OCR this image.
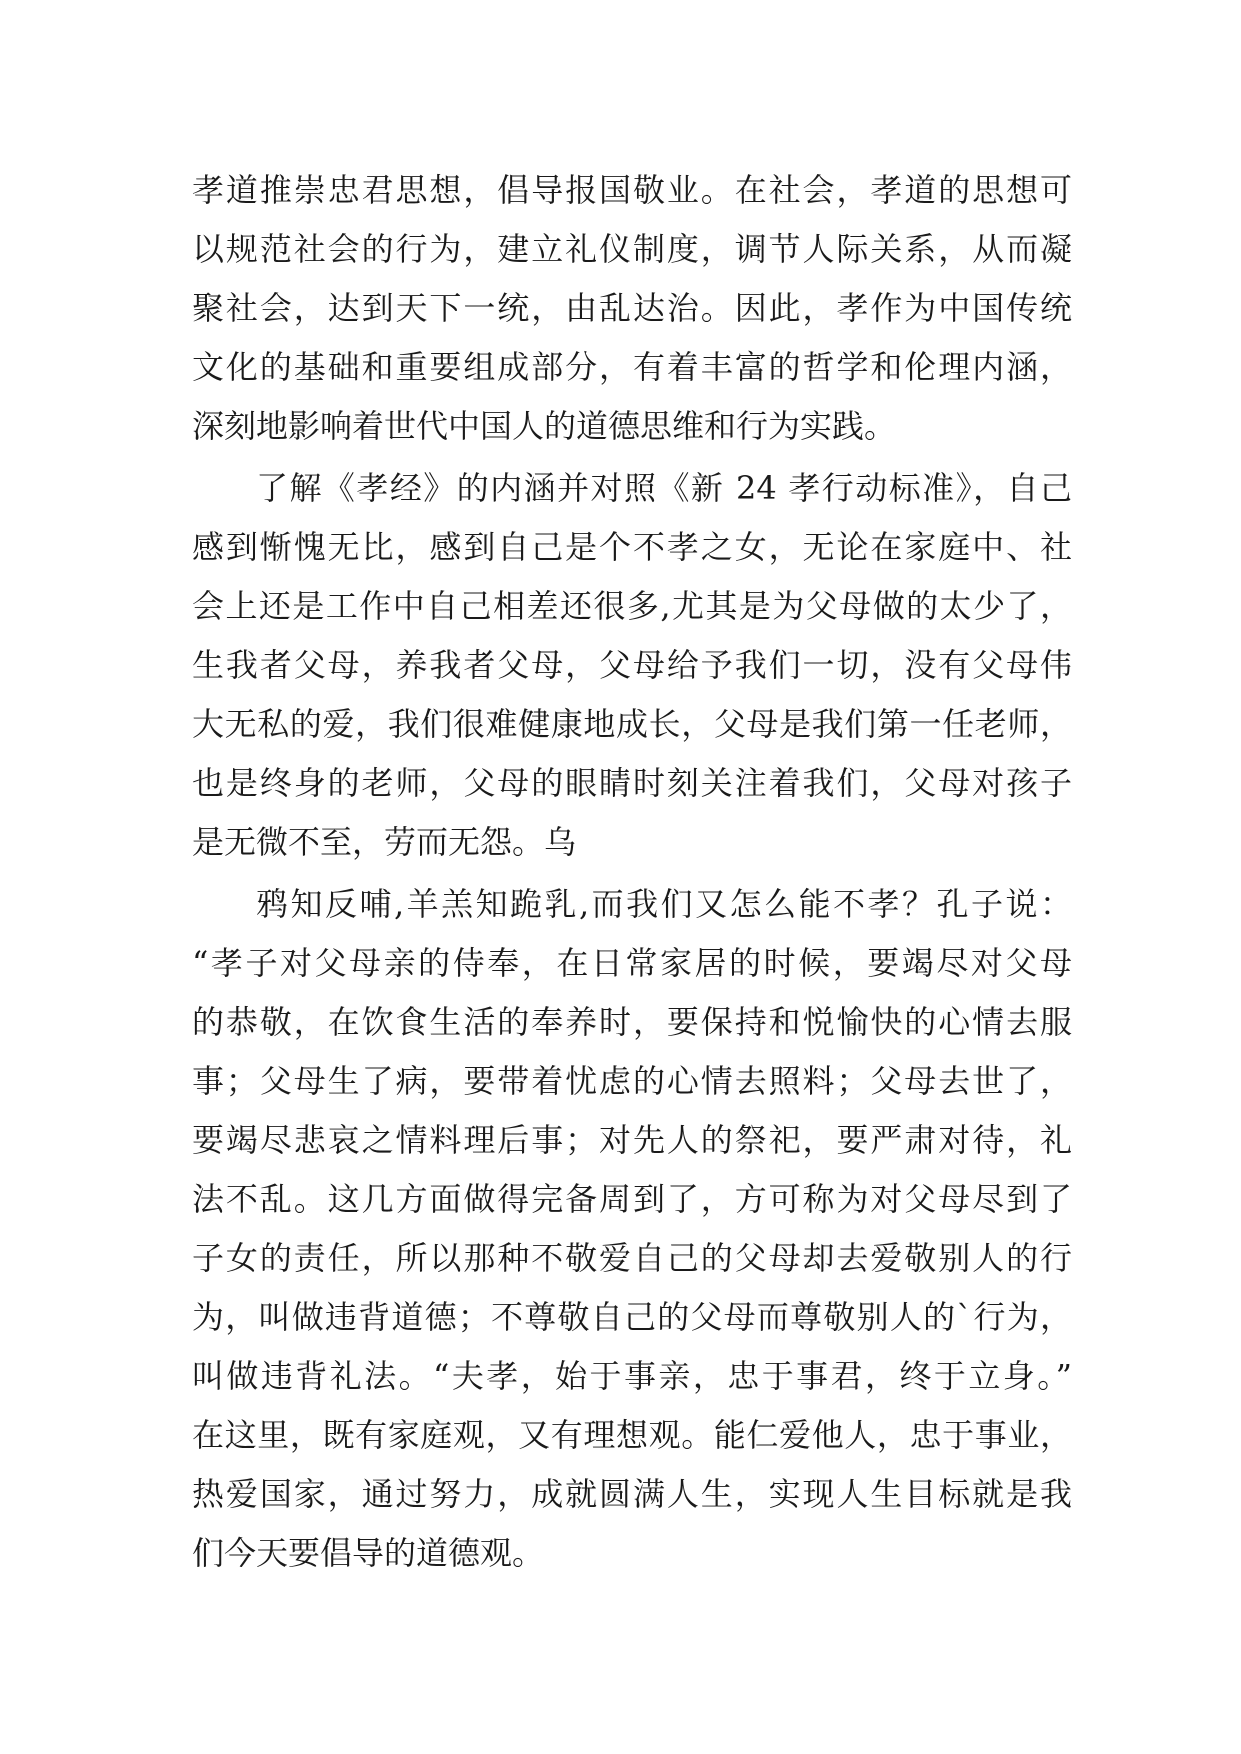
孝道推崇忠君思想，倡导报国敬业。在社会，孝道的思想可
以规范社会的行为，建立礼仪制度，调节人际关系，从而凝
聚社会，达到天下一统，由乱达治。因此，孝作为中国传统
文化的基础和重要组成部分，有着丰富的哲学和伦理内涵，
深刻地影响着世代中国人的道德思维和行为实践。
了解《孝经》的内涵并对照《新 24 孝行动标准》，自己
感到惭愧无比，感到自己是个不孝之女，无论在家庭中、社
会上还是工作中自己相差还很多,尤其是为父母做的太少了，
生我者父母，养我者父母，父母给予我们一切，没有父母伟
大无私的爱，我们很难健康地成长，父母是我们第一任老师，
也是终身的老师，父母的眼睛时刻关注着我们，父母对孩子
是无微不至，劳而无怨。乌
鸦知反哺,羊羔知跪乳,而我们又怎么能不孝？孔子说：
“孝子对父母亲的侍奉，在日常家居的时候，要竭尽对父母
的恭敬，在饮食生活的奉养时，要保持和悦愉快的心情去服
事；父母生了病，要带着忧虑的心情去照料；父母去世了，
要竭尽悲哀之情料理后事；对先人的祭祀，要严肃对待，礼
法不乱。这几方面做得完备周到了，方可称为对父母尽到了
子女的责任，所以那种不敬爱自己的父母却去爱敬别人的行
为，叫做违背道德；不尊敬自己的父母而尊敬别人的`行为，
叫做违背礼法。“夫孝，始于事亲，忠于事君，终于立身。”
在这里，既有家庭观，又有理想观。能仁爱他人，忠于事业，
热爱国家，通过努力，成就圆满人生，实现人生目标就是我
们今天要倡导的道德观。
